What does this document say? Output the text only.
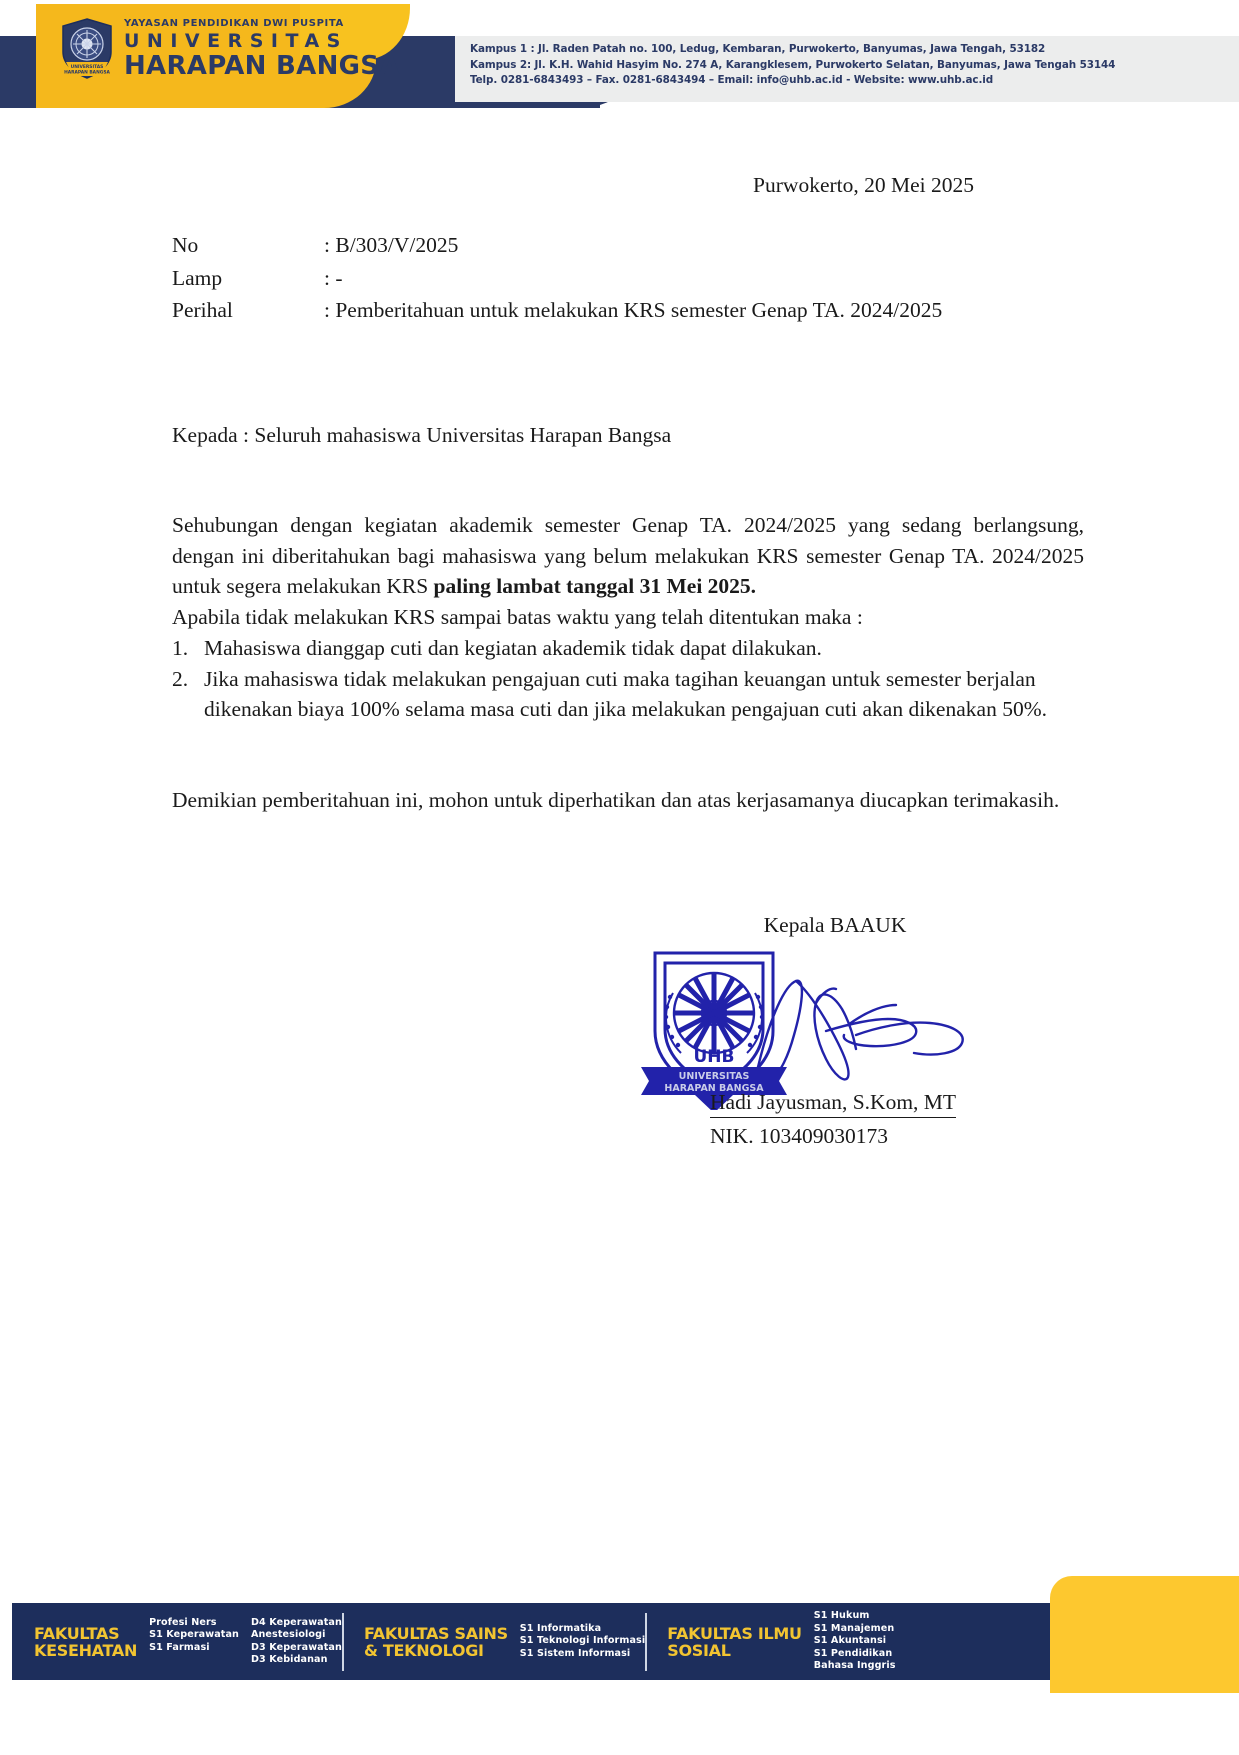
UNIVERSITAS
HARAPAN BANGSA
YAYASAN PENDIDIKAN DWI PUSPITA
UNIVERSITAS
HARAPAN BANGSA
Kampus 1 : Jl. Raden Patah no. 100, Ledug, Kembaran, Purwokerto, Banyumas, Jawa Tengah, 53182
Kampus 2: Jl. K.H. Wahid Hasyim No. 274 A, Karangklesem, Purwokerto Selatan, Banyumas, Jawa Tengah 53144
Telp. 0281-6843493 – Fax. 0281-6843494 – Email: info@uhb.ac.id - Website: www.uhb.ac.id
Purwokerto, 20 Mei 2025
No	: B/303/V/2025
Lamp	: -
Perihal	: Pemberitahuan untuk melakukan KRS semester Genap TA. 2024/2025
Kepada : Seluruh mahasiswa Universitas Harapan Bangsa

Sehubungan dengan kegiatan akademik semester Genap TA. 2024/2025 yang sedang berlangsung, dengan ini diberitahukan bagi mahasiswa yang belum melakukan KRS semester Genap TA. 2024/2025 untuk segera melakukan KRS paling lambat tanggal 31 Mei 2025.

Apabila tidak melakukan KRS sampai batas waktu yang telah ditentukan maka :

1. Mahasiswa dianggap cuti dan kegiatan akademik tidak dapat dilakukan.
2. Jika mahasiswa tidak melakukan pengajuan cuti maka tagihan keuangan untuk semester berjalan dikenakan biaya 100% selama masa cuti dan jika melakukan pengajuan cuti akan dikenakan 50%.
Demikian pemberitahuan ini, mohon untuk diperhatikan dan atas kerjasamanya diucapkan terimakasih.
Kepala BAAUK
UHB
UNIVERSITAS
HARAPAN BANGSA
Hadi Jayusman, S.Kom, MT
NIK. 103409030173
FAKULTAS
KESEHATAN
Profesi Ners
S1 Keperawatan
S1 Farmasi
D4 Keperawatan
Anestesiologi
D3 Keperawatan
D3 Kebidanan
FAKULTAS SAINS
& TEKNOLOGI
S1 Informatika
S1 Teknologi Informasi
S1 Sistem Informasi
FAKULTAS ILMU
SOSIAL
S1 Hukum
S1 Manajemen
S1 Akuntansi
S1 Pendidikan
Bahasa Inggris
